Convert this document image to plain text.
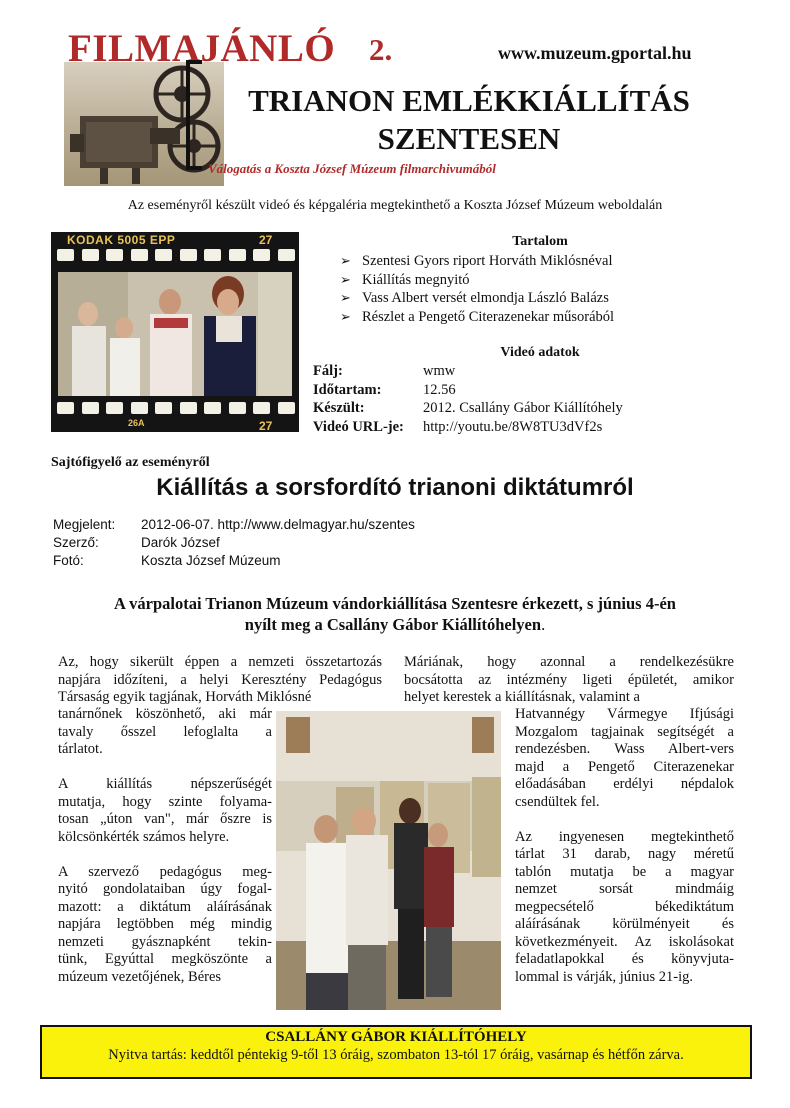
FILMAJÁNLÓ 2.	www.muzeum.gportal.hu
TRIANON EMLÉKKIÁLLÍTÁS
SZENTESEN
Válogatás a Koszta József Múzeum filmarchivumából
Az eseményről készült videó és képgaléria megtekinthető a Koszta József Múzeum weboldalán
KODAK 5005 EPP	27
26A	27
Tartalom
➢ Szentesi Gyors riport Horváth Miklósnéval
➢ Kiállítás megnyitó
➢ Vass Albert versét elmondja László Balázs
➢ Részlet a Pengető Citerazenekar műsorából
Videó adatok
Fálj:	wmw
Időtartam:	12.56
Készült:	2012. Csallány Gábor Kiállítóhely
Videó URL-je: http://youtu.be/8W8TU3dVf2s
Sajtófigyelő az eseményről
Kiállítás a sorsfordító trianoni diktátumról
Megjelent: 2012-06-07. http://www.delmagyar.hu/szentes
Szerző:	Darók József
Fotó:	Koszta József Múzeum
A várpalotai Trianon Múzeum vándorkiállítása Szentesre érkezett, s június 4-én
nyílt meg a Csallány Gábor Kiállítóhelyen.
Az, hogy sikerült éppen a nemzeti összetartozás
napjára időzíteni, a helyi Keresztény Pedagógus
Társaság egyik tagjának, Horváth Miklósné
tanárnőnek köszönhető, aki már
tavaly ősszel lefoglalta a
tárlatot.
A kiállítás népszerűségét
mutatja, hogy szinte folyama-
tosan „úton van", már őszre is
kölcsönkérték számos helyre.
A szervező pedagógus meg-
nyitó gondolataiban úgy fogal-
mazott: a diktátum aláírásának
napjára legtöbben még mindig
nemzeti gyásznapként tekin-
tünk, Egyúttal megköszönte a
múzeum vezetőjének, Béres
Máriának, hogy azonnal a rendelkezésükre
bocsátotta az intézmény ligeti épületét, amikor
helyet kerestek a kiállításnak, valamint a
Hatvannégy Vármegye Ifjúsági
Mozgalom tagjainak segítségét a
rendezésben. Wass Albert-vers
majd a Pengető Citerazenekar
előadásában erdélyi népdalok
csendültek fel.
Az ingyenesen megtekinthető
tárlat 31 darab, nagy méretű
tablón mutatja be a magyar
nemzet sorsát mindmáig
megpecsételő békediktátum
aláírásának körülményeit és
következményeit. Az iskolásokat
feladatlapokkal és könyvjuta-
lommal is várják, június 21-ig.
CSALLÁNY GÁBOR KIÁLLÍTÓHELY
Nyitva tartás: keddtől péntekig 9-től 13 óráig, szombaton 13-tól 17 óráig, vasárnap és hétfőn zárva.
